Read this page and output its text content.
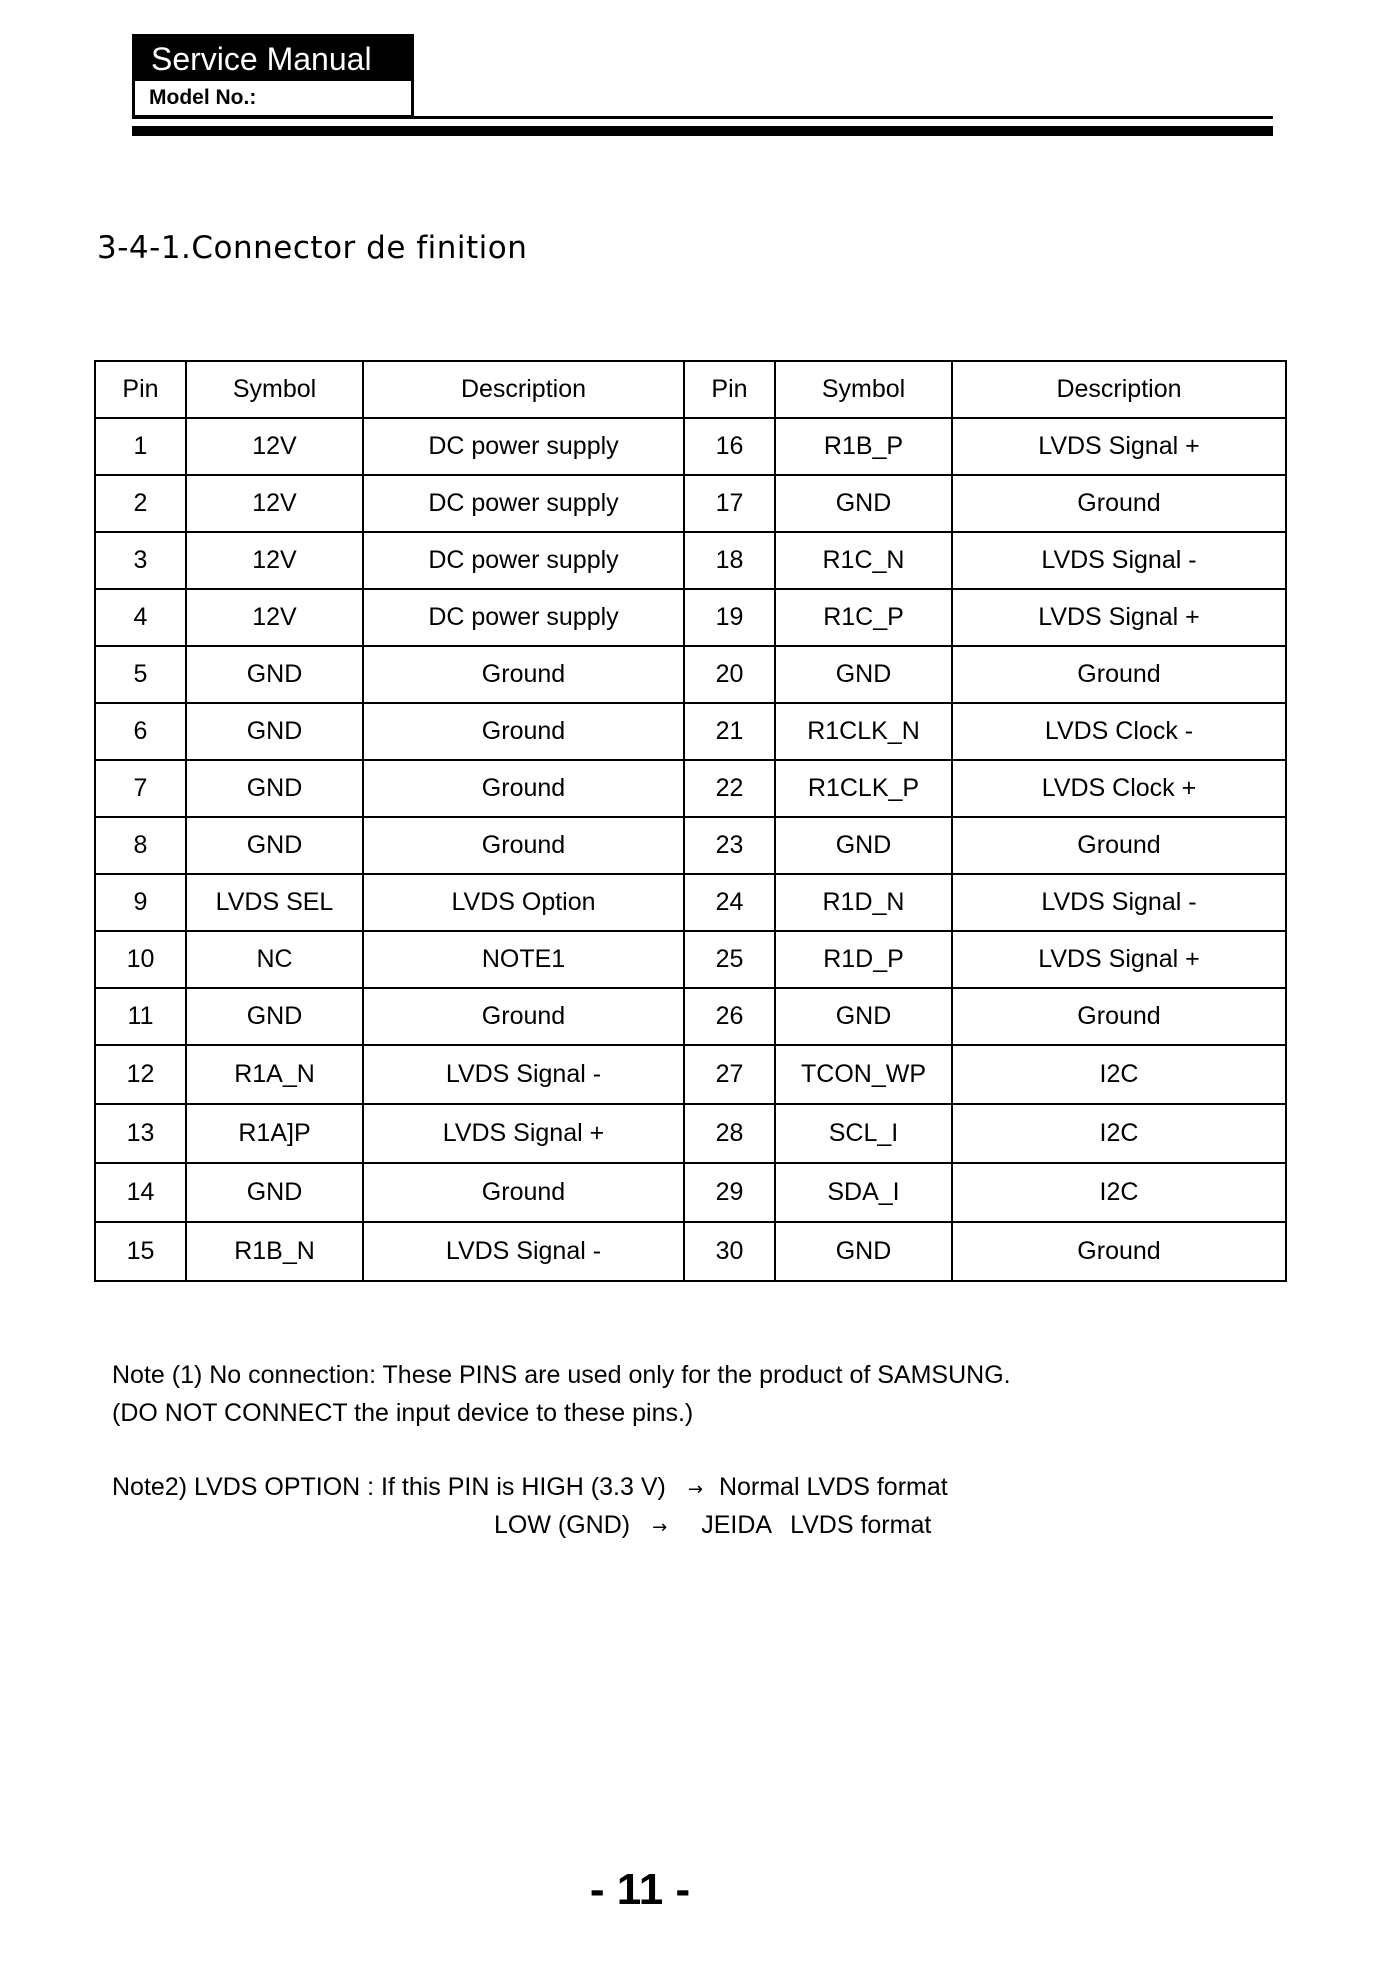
Service Manual
Model No.:
3-4-1.Connector de finition
Pin	Symbol	Description	Pin	Symbol	Description
1	12V	DC power supply	16	R1B_P	LVDS Signal +
2	12V	DC power supply	17	GND	Ground
3	12V	DC power supply	18	R1C_N	LVDS Signal -
4	12V	DC power supply	19	R1C_P	LVDS Signal +
5	GND	Ground	20	GND	Ground
6	GND	Ground	21	R1CLK_N	LVDS Clock -
7	GND	Ground	22	R1CLK_P	LVDS Clock +
8	GND	Ground	23	GND	Ground
9	LVDS SEL	LVDS Option	24	R1D_N	LVDS Signal -
10	NC	NOTE1	25	R1D_P	LVDS Signal +
11	GND	Ground	26	GND	Ground
12	R1A_N	LVDS Signal -	27	TCON_WP	I2C
13	R1A]P	LVDS Signal +	28	SCL_I	I2C
14	GND	Ground	29	SDA_I	I2C
15	R1B_N	LVDS Signal -	30	GND	Ground

Note (1) No connection: These PINS are used only for the product of SAMSUNG.

(DO NOT CONNECT the input device to these pins.)

Note2) LVDS OPTION : If this PIN is HIGH (3.3 V) → Normal LVDS format
LOW (GND) → JEIDA LVDS format
- 11 -
